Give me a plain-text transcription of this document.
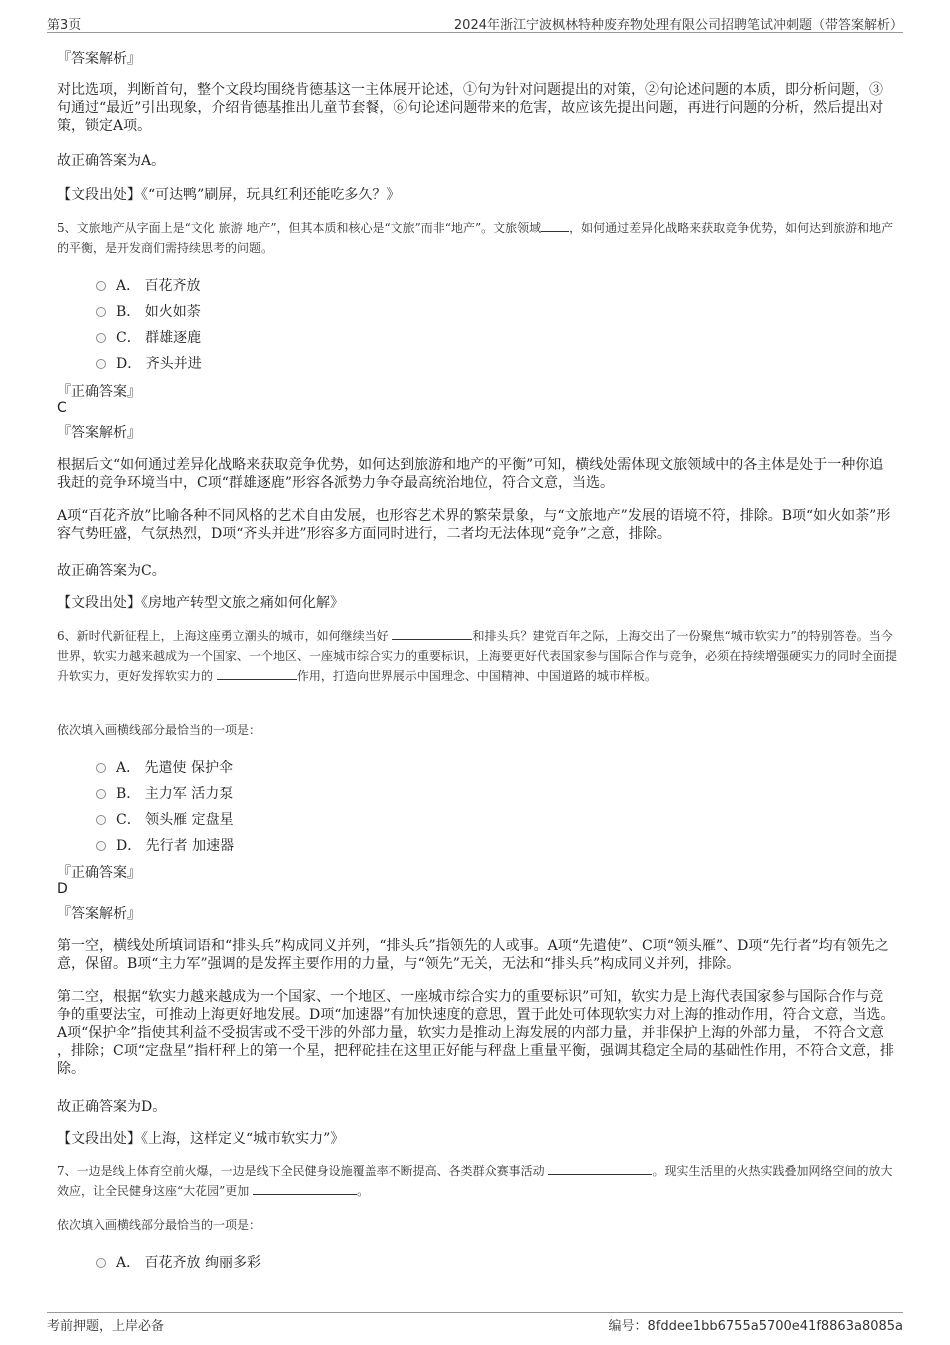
第3页	2024年浙江宁波枫林特种废弃物处理有限公司招聘笔试冲刺题（带答案解析）
『答案解析』
对比选项，判断首句，整个文段均围绕肯德基这一主体展开论述，①句为针对问题提出的对策，②句论述问题的本质，即分析问题，③句通过“最近”引出现象，介绍肯德基推出儿童节套餐，⑥句论述问题带来的危害，故应该先提出问题，再进行问题的分析，然后提出对策，锁定A项。
故正确答案为A。
【文段出处】《“可达鸭”刷屏，玩具红利还能吃多久？》
5、文旅地产从字面上是“文化 旅游 地产”，但其本质和核心是“文旅”而非“地产”。文旅领域 ，如何通过差异化战略来获取竞争优势，如何达到旅游和地产的平衡，是开发商们需持续思考的问题。
A． 百花齐放
B． 如火如荼
C． 群雄逐鹿
D． 齐头并进
『正确答案』
C
『答案解析』
根据后文“如何通过差异化战略来获取竞争优势，如何达到旅游和地产的平衡”可知，横线处需体现文旅领域中的各主体是处于一种你追我赶的竞争环境当中，C项“群雄逐鹿”形容各派势力争夺最高统治地位，符合文意，当选。
A项“百花齐放”比喻各种不同风格的艺术自由发展，也形容艺术界的繁荣景象，与“文旅地产”发展的语境不符，排除。B项“如火如荼”形容气势旺盛，气氛热烈，D项“齐头并进”形容多方面同时进行，二者均无法体现“竞争”之意，排除。
故正确答案为C。
【文段出处】《房地产转型文旅之痛如何化解》
6、新时代新征程上，上海这座勇立潮头的城市，如何继续当好	和排头兵？建党百年之际，上海交出了一份聚焦“城市软实力”的特别答卷。当今世界，软实力越来越成为一个国家、一个地区、一座城市综合实力的重要标识，上海要更好代表国家参与国际合作与竞争，必须在持续增强硬实力的同时全面提升软实力，更好发挥软实力的	作用，打造向世界展示中国理念、中国精神、中国道路的城市样板。
依次填入画横线部分最恰当的一项是：
A． 先遣使 保护伞
B． 主力军 活力泵
C． 领头雁 定盘星
D． 先行者 加速器
『正确答案』
D
『答案解析』
第一空，横线处所填词语和“排头兵”构成同义并列，“排头兵”指领先的人或事。A项“先遣使”、C项“领头雁”、D项“先行者”均有领先之意，保留。B项“主力军”强调的是发挥主要作用的力量，与“领先”无关，无法和“排头兵”构成同义并列，排除。
第二空，根据“软实力越来越成为一个国家、一个地区、一座城市综合实力的重要标识”可知，软实力是上海代表国家参与国际合作与竞争的重要法宝，可推动上海更好地发展。D项“加速器”有加快速度的意思，置于此处可体现软实力对上海的推动作用，符合文意，当选。A项“保护伞”指使其利益不受损害或不受干涉的外部力量，软实力是推动上海发展的内部力量，并非保护上海的外部力量， 不符合文意 ，排除；C项“定盘星”指杆秤上的第一个星，把秤砣挂在这里正好能与秤盘上重量平衡，强调其稳定全局的基础性作用，不符合文意，排除。
故正确答案为D。
【文段出处】《上海，这样定义“城市软实力”》
7、一边是线上体育空前火爆，一边是线下全民健身设施覆盖率不断提高、各类群众赛事活动	。现实生活里的火热实践叠加网络空间的放大效应，让全民健身这座“大花园”更加	。
依次填入画横线部分最恰当的一项是：
A． 百花齐放 绚丽多彩
考前押题，上岸必备	编号：8fddee1bb6755a5700e41f8863a8085a
